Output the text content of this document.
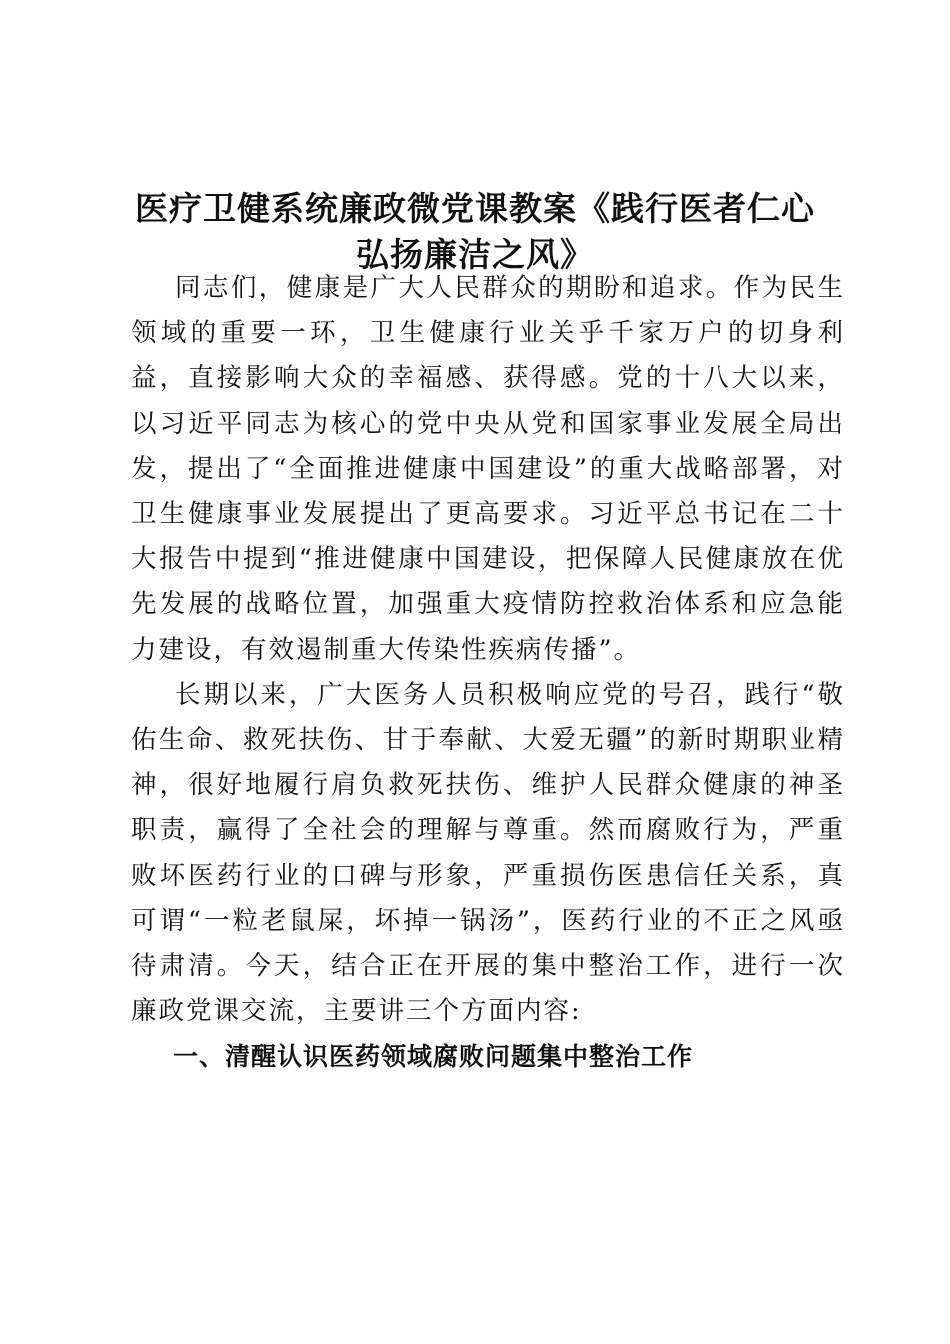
医疗卫健系统廉政微党课教案《践行医者仁心
弘扬廉洁之风》

同志们，健康是广大人民群众的期盼和追求。作为民生领域的重要一环，卫生健康行业关乎千家万户的切身利益，直接影响大众的幸福感、获得感。党的十八大以来，以习近平同志为核心的党中央从党和国家事业发展全局出发，提出了“全面推进健康中国建设”的重大战略部署，对卫生健康事业发展提出了更高要求。习近平总书记在二十大报告中提到“推进健康中国建设，把保障人民健康放在优先发展的战略位置，加强重大疫情防控救治体系和应急能力建设，有效遏制重大传染性疾病传播”。

长期以来，广大医务人员积极响应党的号召，践行“敬佑生命、救死扶伤、甘于奉献、大爱无疆”的新时期职业精神，很好地履行肩负救死扶伤、维护人民群众健康的神圣职责，赢得了全社会的理解与尊重。然而腐败行为，严重败坏医药行业的口碑与形象，严重损伤医患信任关系，真可谓“一粒老鼠屎，坏掉一锅汤”，医药行业的不正之风亟待肃清。今天，结合正在开展的集中整治工作，进行一次廉政党课交流，主要讲三个方面内容:

一、清醒认识医药领域腐败问题集中整治工作
